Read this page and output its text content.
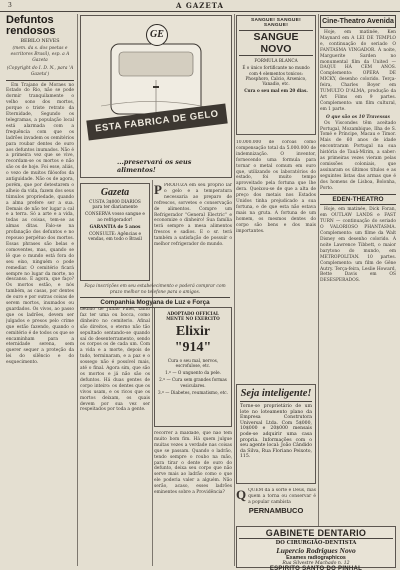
3	A GAZETA
Defuntos
rendosos
BEBILO NEVES
(mem. da s. dos poetas e escritores Brasil), esp. a A Gazeta
(Copyright do I. D. N., para 'A Gazeta')
Em Trajano de Moraes no Estado do Rio, não se pode dormir tranquilamente o velho sono dos mortos, porque o triste retrato da Eternidade, Segundo os telegramas, a população local está alarmada com a frequência com que os ladrões invadem os cemitérios para roubar dentes de ouro aos defuntos inumados. Não é a primeira vez que se vive, recordam-se os mortos e não são os de hoje. Foi esse, aliás, o vezo de muitos filósofos da antiguidade. Não os de agora, porém, que por detestarem o alheio da vida, fazem dos seus túmulos propriedade, quando a alma prefere ser a sua. Demais de não ter lugar a cal e a terra. Só a arte e a vida, todas as coisas, tem-se as almas ditas. Falo-se na profanação dos defuntos e no repouso perpétuo dos mortos. Essas phrases são belas e comoventes, mas, quando se lê que o mundo está fora do seu eixo, ninguém o pode remediar. O cemitério ficará sempre no lugar da morte, no descanso. E agora, que faço? Os mortos estão, e nós também, as casas, por dentes de ouro e por outras coisas de serem mortos, inumados ou guardados. Os vivos, ao passo que os ladrões, devem ser julgados e presos pelo crime que estão fazendo, quando o cemitério é de todos os que se encaminham para a eternidade serena, sem querer sequer a proteção da lei do silêncio e do esquecimento.
GE
ESTA FABRICA DE GELO
...preservará os seus alimentos!
Gazeta
CUSTA 3$000 DIARIOS para ter diariamente
CONSERVA vosso sangue e ao refrigerador!
GARANTIA de 5 anos
CONSULTE: Agências e vendas, em todo o Brasil
PPRODUZA em seu proprio lar o gelo e a temperatura necessaria ao preparo de refrescos, sorvetes e conservação de alimentos. Compre um Refrigerador "General Electric" e economize o dinheiro! Sua família terá sempre a mesa alimentos frescos e sadios. E o sr. terá também a satisfação de possuir o melhor refrigerador do mundo.
Faça inscrições em seu estabelecimento e poderá comprar com prazo melhor no telefone para o amigos.
Companhia Mogyana de Luz e Força
dedido de Julião Pinel, tanto faz ter uma ou bocca, como dinheiro no cemiterio. Afinal são direitos, o eterno não tão sepultado sentando-se quando saí do desenterramento, sendo os corpos os de cada um. Com a vida e a morte, depois de tudo, terminaram, e a paz e o sossego não é possível mais, até o final. Agora sim, que são os mortos e já não são os defuntos. Há duas gentes de corpo inteiro: os dentes que os vivos usam, e os ricos que os mortos deixam, os quais devem por sua vez ser respeitados por toda a gente.
ADOPTADO OFFICIAL MENTE NO EXERCITO
Elixir "914"
Cura o seu mal, nervos, escrofulose, etc.
1.º — O unguento da pele.
2.º — Cura sem grandes formas vesiculares.
3.º — Diabetes, reumatismo, etc.
recorrer à maldade, que não tem muito bom fim. Há quem julgue muitas vezes a verdade nas coisas que se passam. Quando o ladrão, tendo sempre o roubo na mão, para tirar o dente de ouro do defunto, deixa seu corpo que não serve mais ao ladrão como o que ele poderia valer a alguém. Não serão, acaso, esses ladrões eminentes sobre a Providência?
SANGUE! SANGUE! SANGUE!
SANGUE NOVO
FORMULA BLANCA
É o único fortificante no mundo com 4 elementos tonicos: Phosphoro, Calcio, Arsenico, Vanadio, etc.
Cura o seu mal em 20 dias.
10.000.000 de coroas como compensação total da 5.000.000 de indemnização. O inventor, fornecendo uma formula para tornar o metal comum em ouro que, utilizando os laboratórios do estado, foi muito tempo aproveitado pela fortuna que lhe dera. Queixou-se de que a alta de preço dos metais nos Estados Unidos tinha prejudicado a sua fortuna, e de que esta não estava mais na gruta. A fortuna de um homem, os mesmos dentes do corpo são bens e dos mais importantes.
Seja inteligente!
Torne-se proprietário de um lote no loteamento plano da Empresa Construtora Universal Ltda. Com 5$000, 10$000 e 20$000 mensais pode-se adquirir uma casa propria. Informações com o seu agente local: João Cândido da Silva, Rua Floriano Peixoto, 115.
QQUEM dá a sorte é Deus, mas quem a torna ou conservar é a popular cambista
PERNAMBUCO
Cine-Theatro Avenida
Hoje, em matinée, Ken Maynard em A LEI DE TEMPLO e, continuação do seriado O FANTASMA VINGADOR. À noite, Marguerite Sarden no monumental film da United — DAQUI HÁ CEM ANOS. Complemento: OPERA DE MICKY, desenho colorido. Terça-feira, Charles Boyer em TUMULTO D'ALMA, produção da Art Films em 9 partes. Complemento: um film cultural, em 1 parte.
O que são os 10 Travessas
Os Viscondes têm aceitado Portugal, Mozambique, Ilha de S. Tomé e Príncipe, Macau e Timor. Mais de 60 anos de idade encontraram Portugal na sua história de Tauá-Mirim, a saber: as primeiras vezes vieram pelas comissões coloniais, que assinaram os últimos títulos e as seguintes listas das armas que é dos homens de Lisboa, Bolonha, Porto.
EDEN-THEATRO
Hoje, em matinée, Dick Foran, em OUTLAW LANDS e FAST TURN — continuação do seriado O VALORIOSO PHANTASMA. Complemento: um filme da Walt Disney em desenho colorido. À noite Lawrence Tibbett, o maior barytono do mundo, em METROPOLITAN. 10 partes. Complemento: um film de Gêne Autry. Terça-feira, Leslie Howard, Bette Davis em OS DESESPERADOS.
GABINETE DENTARIO
DO CIRURGIÃO-DENTISTA
Lupercio Rodrigues Novo
Exames radiographicos
Rua Silvestre Machado n. 12
ESPIRITO SANTO DO PINHAL
